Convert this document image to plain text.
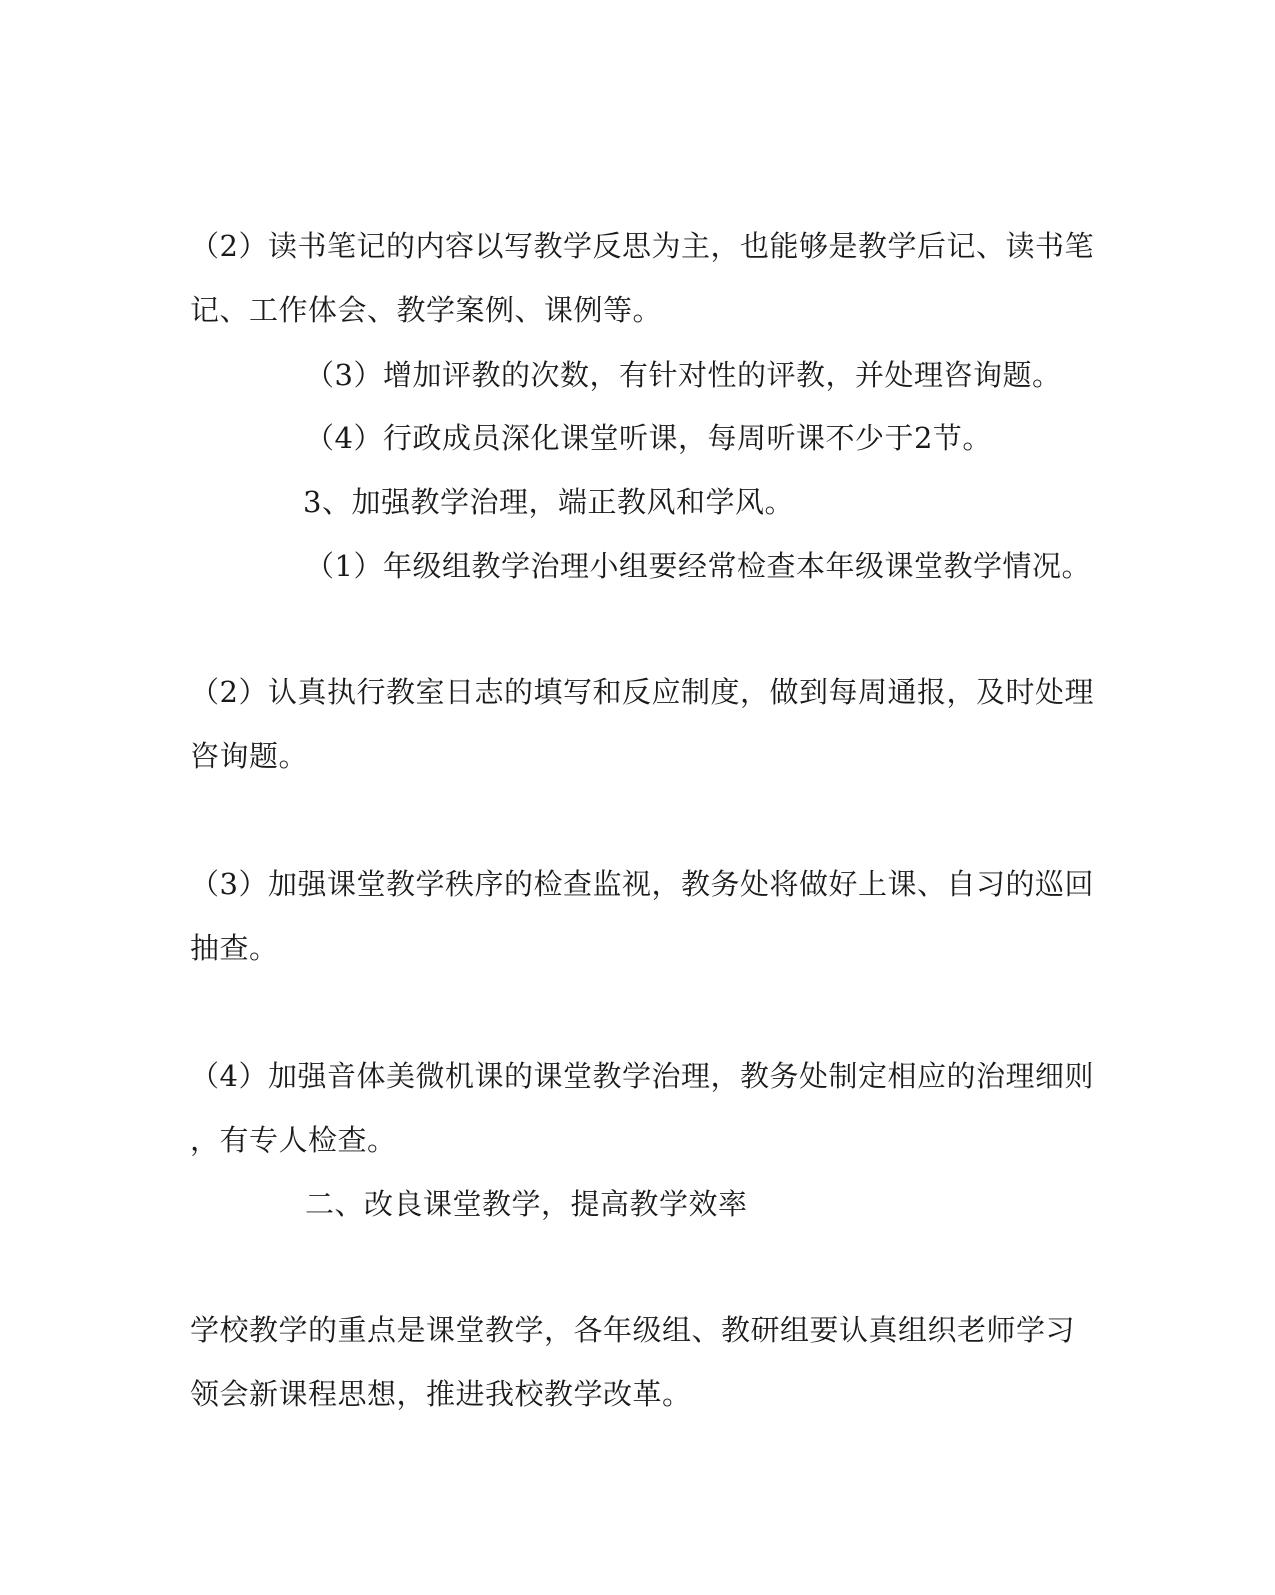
（2）读书笔记的内容以写教学反思为主，也能够是教学后记、读书笔
记、工作体会、教学案例、课例等。
（3）增加评教的次数，有针对性的评教，并处理咨询题。
（4）行政成员深化课堂听课，每周听课不少于2节。
3、加强教学治理，端正教风和学风。
（1）年级组教学治理小组要经常检查本年级课堂教学情况。
（2）认真执行教室日志的填写和反应制度，做到每周通报，及时处理
咨询题。
（3）加强课堂教学秩序的检查监视，教务处将做好上课、自习的巡回
抽查。
（4）加强音体美微机课的课堂教学治理，教务处制定相应的治理细则
，有专人检查。
二、改良课堂教学，提高教学效率
学校教学的重点是课堂教学，各年级组、教研组要认真组织老师学习
领会新课程思想，推进我校教学改革。
